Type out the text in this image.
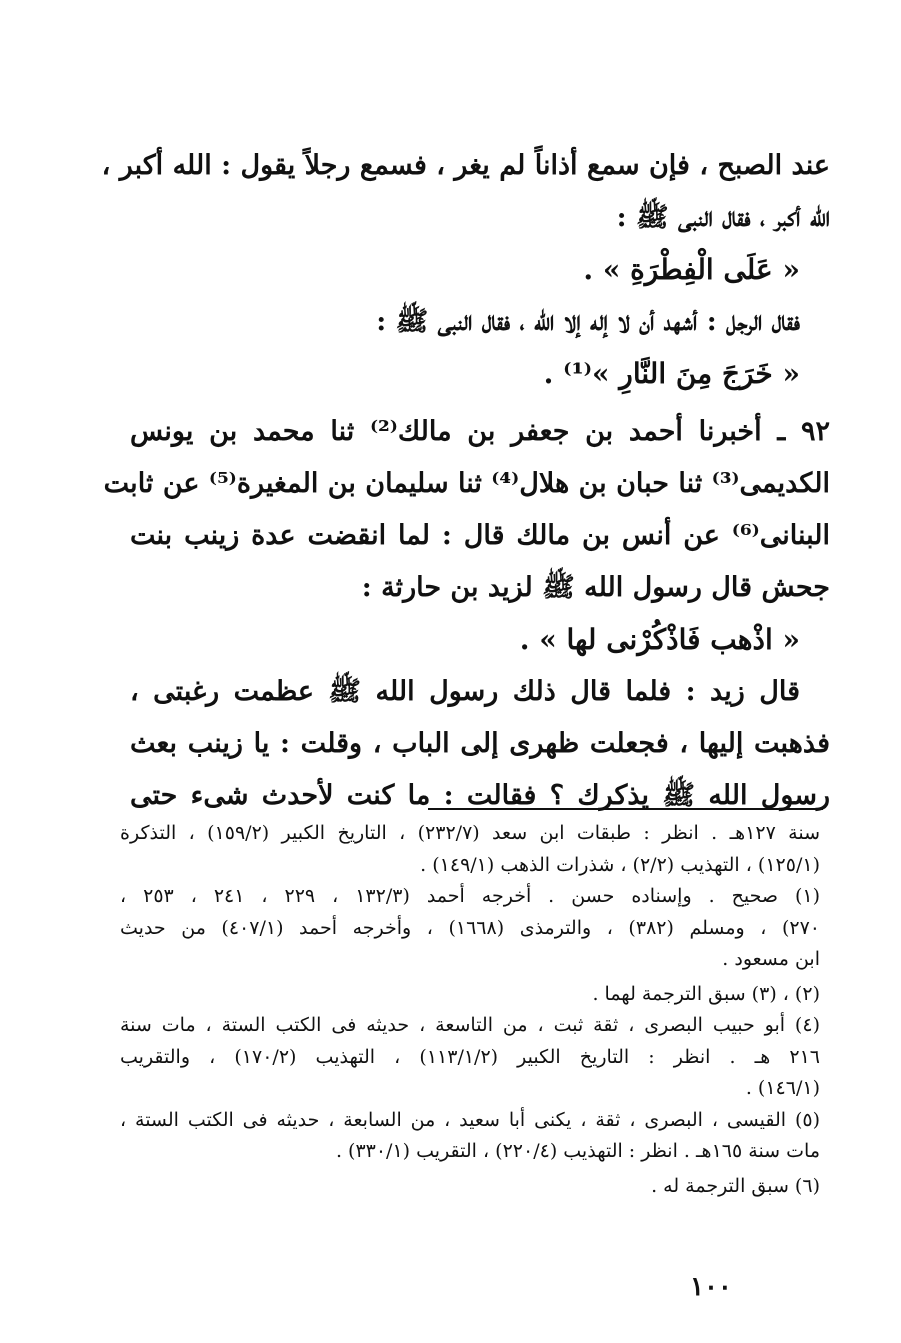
عند الصبح ، فإن سمع أذاناً لم يغر ، فسمع رجلاً يقول : الله أكبر ،
الله أكبر ، فقال النبى ﷺ :
« عَلَى الْفِطْرَةِ » .
فقال الرجل : أشهد أن لا إله إلا الله ، فقال النبى ﷺ :
« خَرَجَ مِنَ النَّارِ »⁽¹⁾ .
٩٢ ـ أخبرنا أحمد بن جعفر بن مالك⁽²⁾ ثنا محمد بن يونس
الكديمى⁽³⁾ ثنا حبان بن هلال⁽⁴⁾ ثنا سليمان بن المغيرة⁽⁵⁾ عن ثابت
البنانى⁽⁶⁾ عن أنس بن مالك قال : لما انقضت عدة زينب بنت
جحش قال رسول الله ﷺ لزيد بن حارثة :
« اذْهب فَاذْكُرْنى لها » .
قال زيد : فلما قال ذلك رسول الله ﷺ عظمت رغبتى ،
فذهبت إليها ، فجعلت ظهرى إلى الباب ، وقلت : يا زينب بعث
رسول الله ﷺ يذكرك ؟ فقالت : ما كنت لأحدث شىء حتى
سنة ١٢٧هـ . انظر : طبقات ابن سعد (٢٣٢/٧) ، التاريخ الكبير (١٥٩/٢) ، التذكرة
(١٢٥/١) ، التهذيب (٢/٢) ، شذرات الذهب (١٤٩/١) .
(١) صحيح . وإسناده حسن . أخرجه أحمد (١٣٢/٣ ، ٢٢٩ ، ٢٤١ ، ٢٥٣ ،
٢٧٠) ، ومسلم (٣٨٢) ، والترمذى (١٦٦٨) ، وأخرجه أحمد (٤٠٧/١) من حديث
ابن مسعود .
(٢) ، (٣) سبق الترجمة لهما .
(٤) أبو حبيب البصرى ، ثقة ثبت ، من التاسعة ، حديثه فى الكتب الستة ، مات سنة
٢١٦ هـ . انظر : التاريخ الكبير (١١٣/١/٢) ، التهذيب (١٧٠/٢) ، والتقريب
(١٤٦/١) .
(٥) القيسى ، البصرى ، ثقة ، يكنى أبا سعيد ، من السابعة ، حديثه فى الكتب الستة ،
مات سنة ١٦٥هـ . انظر : التهذيب (٢٢٠/٤) ، التقريب (٣٣٠/١) .
(٦) سبق الترجمة له .
١٠٠
